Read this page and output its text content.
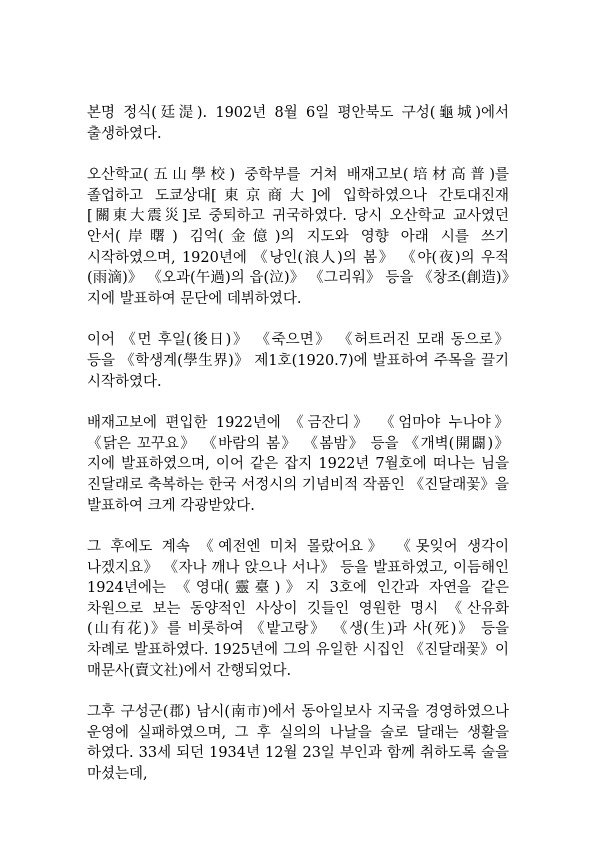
본명 정식(廷湜). 1902년 8월 6일 평안북도 구성(龜城)에서 출생하였다.

오산학교(五山學校) 중학부를 거쳐 배재고보(培材高普)를 졸업하고 도쿄상대[東京商大]에 입학하였으나 간토대진재[關東大震災]로 중퇴하고 귀국하였다. 당시 오산학교 교사였던 안서(岸曙) 김억(金億)의 지도와 영향 아래 시를 쓰기 시작하였으며, 1920년에 《낭인(浪人)의 봄》 《야(夜)의 우적(雨滴)》 《오과(午過)의 읍(泣)》 《그리워》 등을 《창조(創造)》지에 발표하여 문단에 데뷔하였다.

이어 《먼 후일(後日)》 《죽으면》 《허트러진 모래 동으로》 등을 《학생계(學生界)》 제1호(1920.7)에 발표하여 주목을 끌기 시작하였다.

배재고보에 편입한 1922년에 《금잔디》 《엄마야 누나야》 《닭은 꼬꾸요》 《바람의 봄》 《봄밤》 등을 《개벽(開闢)》지에 발표하였으며, 이어 같은 잡지 1922년 7월호에 떠나는 님을 진달래로 축복하는 한국 서정시의 기념비적 작품인 《진달래꽃》을 발표하여 크게 각광받았다.

그 후에도 계속 《예전엔 미처 몰랐어요》 《못잊어 생각이 나겠지요》 《자나 깨나 앉으나 서나》 등을 발표하였고, 이듬해인 1924년에는 《영대(靈臺)》지 3호에 인간과 자연을 같은 차원으로 보는 동양적인 사상이 깃들인 영원한 명시 《산유화(山有花)》를 비롯하여 《밭고랑》 《생(生)과 사(死)》 등을 차례로 발표하였다. 1925년에 그의 유일한 시집인 《진달래꽃》이 매문사(賣文社)에서 간행되었다.

그후 구성군(郡) 남시(南市)에서 동아일보사 지국을 경영하였으나 운영에 실패하였으며, 그 후 실의의 나날을 술로 달래는 생활을 하였다. 33세 되던 1934년 12월 23일 부인과 함께 취하도록 술을 마셨는데,
